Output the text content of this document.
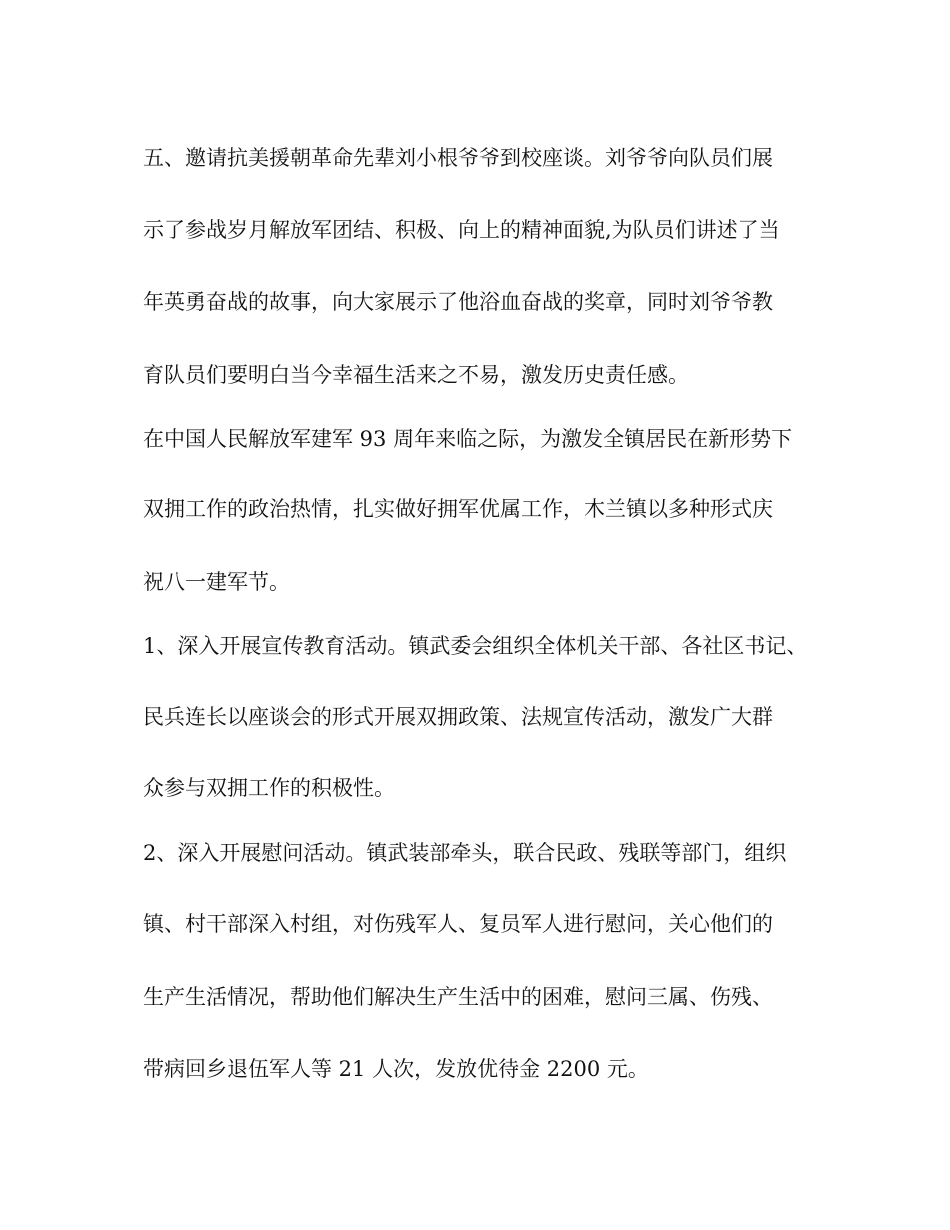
五、邀请抗美援朝革命先辈刘小根爷爷到校座谈。刘爷爷向队员们展
示了参战岁月解放军团结、积极、向上的精神面貌,为队员们讲述了当
年英勇奋战的故事，向大家展示了他浴血奋战的奖章，同时刘爷爷教
育队员们要明白当今幸福生活来之不易，激发历史责任感。
在中国人民解放军建军 93 周年来临之际，为激发全镇居民在新形势下
双拥工作的政治热情，扎实做好拥军优属工作，木兰镇以多种形式庆
祝八一建军节。
1、深入开展宣传教育活动。镇武委会组织全体机关干部、各社区书记、
民兵连长以座谈会的形式开展双拥政策、法规宣传活动，激发广大群
众参与双拥工作的积极性。
2、深入开展慰问活动。镇武装部牵头，联合民政、残联等部门，组织
镇、村干部深入村组，对伤残军人、复员军人进行慰问，关心他们的
生产生活情况，帮助他们解决生产生活中的困难，慰问三属、伤残、
带病回乡退伍军人等 21 人次，发放优待金 2200 元。
